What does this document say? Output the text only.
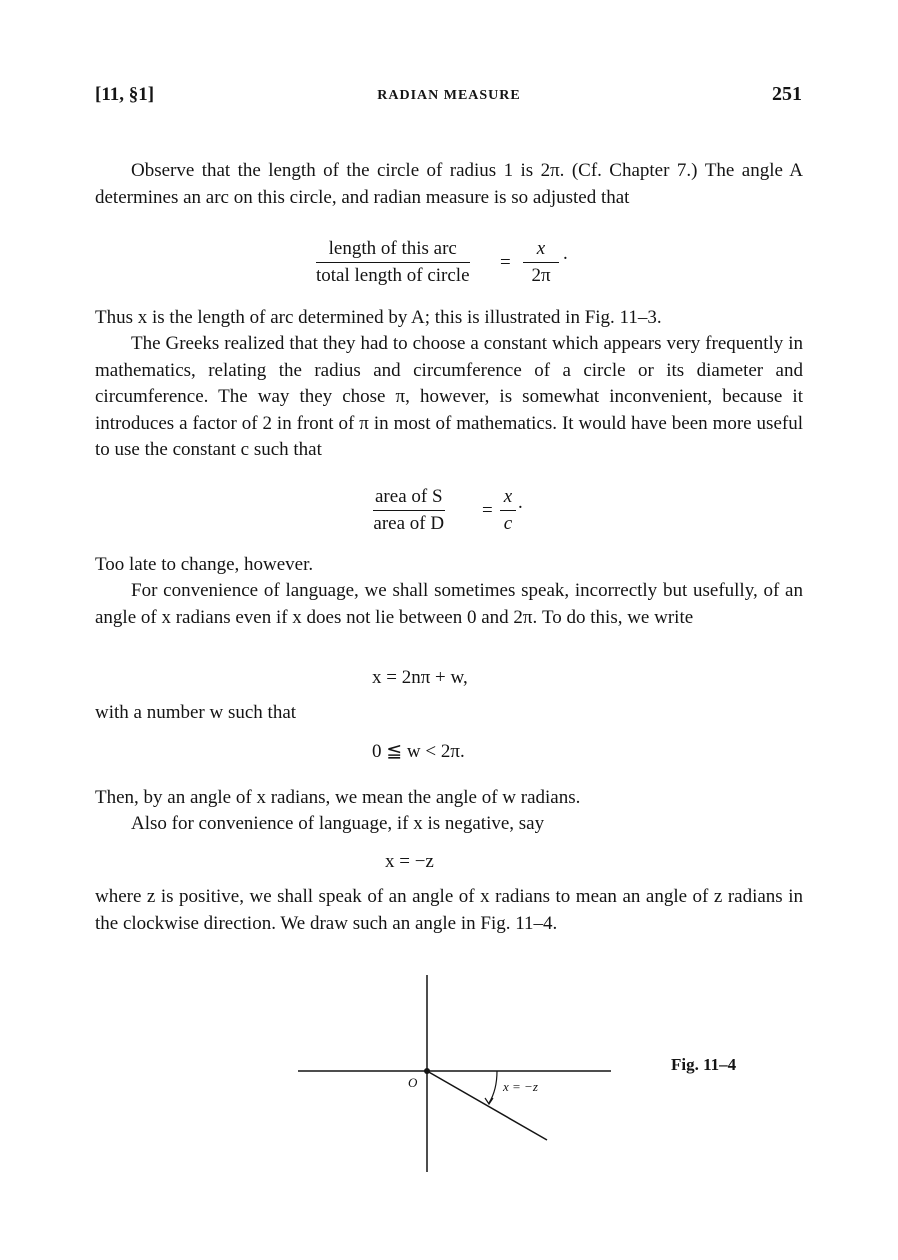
[11, §1]	RADIAN MEASURE	251

Observe that the length of the circle of radius 1 is 2π. (Cf. Chapter 7.) The angle A determines an arc on this circle, and radian measure is so adjusted that

length of this arc
total length of circle
= $\frac{x}{2\pi}$ .

Thus x is the length of arc determined by A; this is illustrated in Fig. 11–3.

The Greeks realized that they had to choose a constant which appears very frequently in mathematics, relating the radius and circumference of a circle or its diameter and circumference. The way they chose π, however, is somewhat inconvenient, because it introduces a factor of 2 in front of π in most of mathematics. It would have been more useful to use the constant c such that

area of S
area of D
= $\frac{x}{c}$ .

Too late to change, however.

For convenience of language, we shall sometimes speak, incorrectly but usefully, of an angle of x radians even if x does not lie between 0 and 2π. To do this, we write

x = 2nπ + w,

with a number w such that

0 ≦ w < 2π.

Then, by an angle of x radians, we mean the angle of w radians.

Also for convenience of language, if x is negative, say

x = −z

where z is positive, we shall speak of an angle of x radians to mean an angle of z radians in the clockwise direction. We draw such an angle in Fig. 11–4.

O	x = −z
Fig. 11–4
